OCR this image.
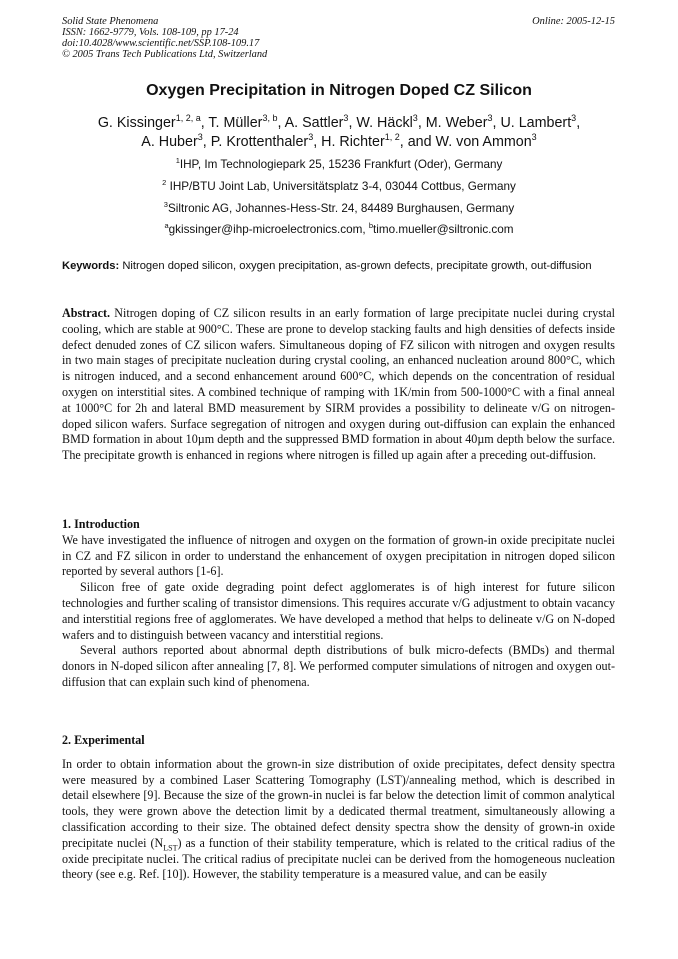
Solid State Phenomena	Online: 2005-12-15
ISSN: 1662-9779, Vols. 108-109, pp 17-24
doi:10.4028/www.scientific.net/SSP.108-109.17
© 2005 Trans Tech Publications Ltd, Switzerland
Oxygen Precipitation in Nitrogen Doped CZ Silicon
G. Kissinger$^{1, 2, a}$, T. Müller$^{3, b}$, A. Sattler$^3$, W. Häckl$^3$, M. Weber$^3$, U. Lambert$^3$,
A. Huber$^3$, P. Krottenthaler$^3$, H. Richter$^{1, 2}$, and W. von Ammon$^3$
$^1$IHP, Im Technologiepark 25, 15236 Frankfurt (Oder), Germany
$^2$ IHP/BTU Joint Lab, Universitätsplatz 3-4, 03044 Cottbus, Germany
$^3$Siltronic AG, Johannes-Hess-Str. 24, 84489 Burghausen, Germany
$^a$gkissinger@ihp-microelectronics.com, $^b$timo.mueller@siltronic.com
Keywords: Nitrogen doped silicon, oxygen precipitation, as-grown defects, precipitate growth, out-diffusion

Abstract. Nitrogen doping of CZ silicon results in an early formation of large precipitate nuclei during crystal cooling, which are stable at 900°C. These are prone to develop stacking faults and high densities of defects inside defect denuded zones of CZ silicon wafers. Simultaneous doping of FZ silicon with nitrogen and oxygen results in two main stages of precipitate nucleation during crystal cooling, an enhanced nucleation around 800°C, which is nitrogen induced, and a second enhancement around 600°C, which depends on the concentration of residual oxygen on interstitial sites. A combined technique of ramping with 1K/min from 500-1000°C with a final anneal at 1000°C for 2h and lateral BMD measurement by SIRM provides a possibility to delineate v/G on nitrogen-doped silicon wafers. Surface segregation of nitrogen and oxygen during out-diffusion can explain the enhanced BMD formation in about 10µm depth and the suppressed BMD formation in about 40µm depth below the surface. The precipitate growth is enhanced in regions where nitrogen is filled up again after a preceding out-diffusion.

1. Introduction

We have investigated the influence of nitrogen and oxygen on the formation of grown-in oxide precipitate nuclei in CZ and FZ silicon in order to understand the enhancement of oxygen precipitation in nitrogen doped silicon reported by several authors [1-6].

Silicon free of gate oxide degrading point defect agglomerates is of high interest for future silicon technologies and further scaling of transistor dimensions. This requires accurate v/G adjustment to obtain vacancy and interstitial regions free of agglomerates. We have developed a method that helps to delineate v/G on N-doped wafers and to distinguish between vacancy and interstitial regions.

Several authors reported about abnormal depth distributions of bulk micro-defects (BMDs) and thermal donors in N-doped silicon after annealing [7, 8]. We performed computer simulations of nitrogen and oxygen out-diffusion that can explain such kind of phenomena.

2. Experimental

In order to obtain information about the grown-in size distribution of oxide precipitates, defect density spectra were measured by a combined Laser Scattering Tomography (LST)/annealing method, which is described in detail elsewhere [9]. Because the size of the grown-in nuclei is far below the detection limit of common analytical tools, they were grown above the detection limit by a dedicated thermal treatment, simultaneously allowing a classification according to their size. The obtained defect density spectra show the density of grown-in oxide precipitate nuclei $(N_{LST})$ as a function of their stability temperature, which is related to the critical radius of the oxide precipitate nuclei. The critical radius of precipitate nuclei can be derived from the homogeneous nucleation theory (see e.g. Ref. [10]). However, the stability temperature is a measured value, and can be easily
